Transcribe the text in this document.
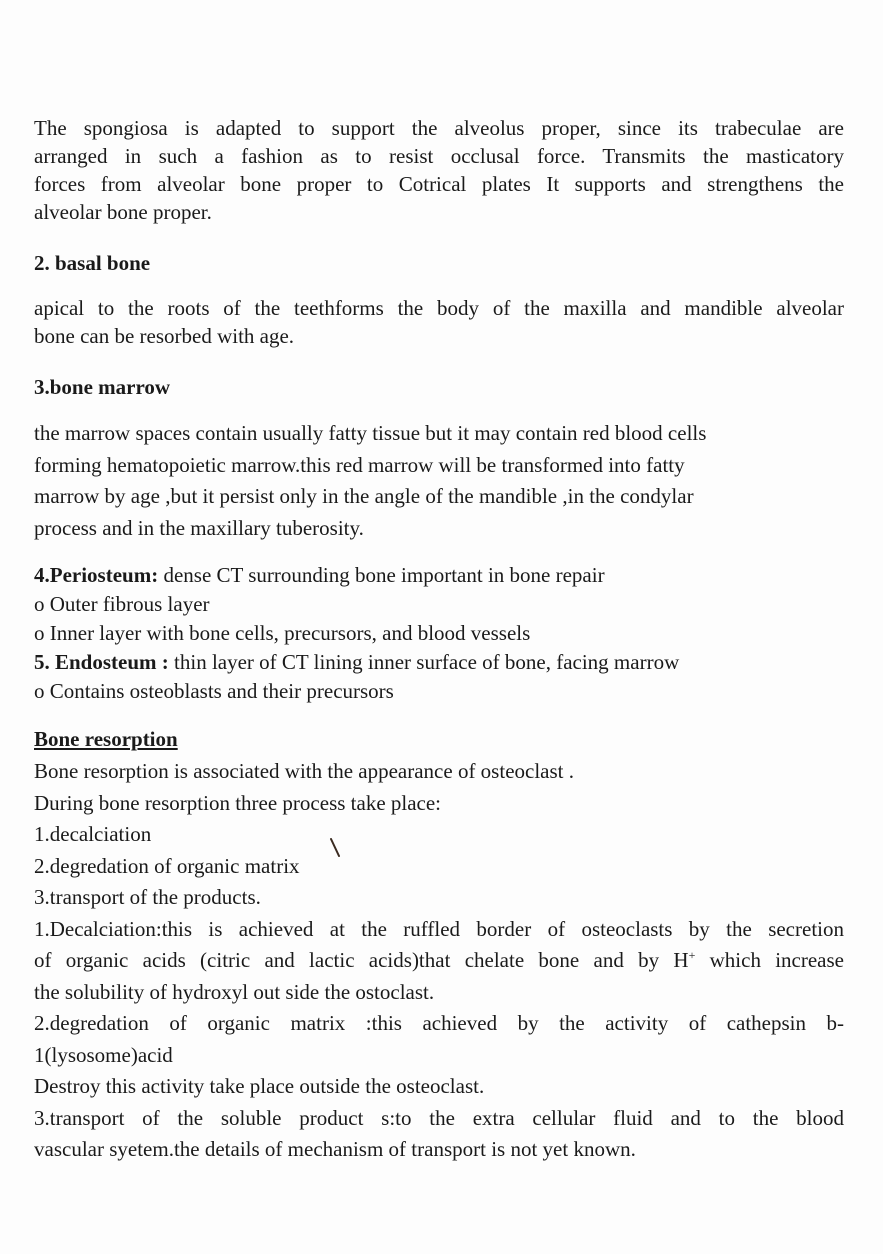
The spongiosa is adapted to support the alveolus proper, since its trabeculae are
arranged in such a fashion as to resist occlusal force. Transmits the masticatory
forces from alveolar bone proper to Cotrical plates It supports and strengthens the
alveolar bone proper.
2. basal bone
apical to the roots of the teethforms the body of the maxilla and mandible alveolar
bone can be resorbed with age.
3.bone marrow
the marrow spaces contain usually fatty tissue but it may contain red blood cells
forming hematopoietic marrow.this red marrow will be transformed into fatty
marrow by age ,but it persist only in the angle of the mandible ,in the condylar
process and in the maxillary tuberosity.
4.Periosteum: dense CT surrounding bone important in bone repair
o Outer fibrous layer
o Inner layer with bone cells, precursors, and blood vessels
5. Endosteum : thin layer of CT lining inner surface of bone, facing marrow
o Contains osteoblasts and their precursors
Bone resorption
Bone resorption is associated with the appearance of osteoclast .
During bone resorption three process take place:
1.decalciation
2.degredation of organic matrix
3.transport of the products.
1.Decalciation:this is achieved at the ruffled border of osteoclasts by the secretion
of organic acids (citric and lactic acids)that chelate bone and by H+ which increase
the solubility of hydroxyl out side the ostoclast.
2.degredation of organic matrix :this achieved by the activity of cathepsin b-
1(lysosome)acid
Destroy this activity take place outside the osteoclast.
3.transport of the soluble product s:to the extra cellular fluid and to the blood
vascular syetem.the details of mechanism of transport is not yet known.
